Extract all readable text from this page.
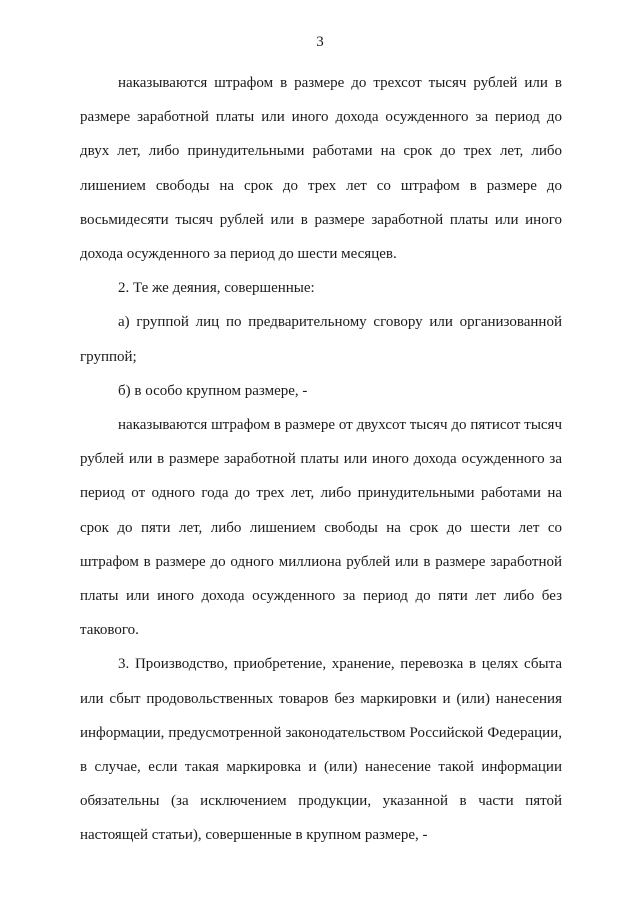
3

наказываются штрафом в размере до трехсот тысяч рублей или в размере заработной платы или иного дохода осужденного за период до двух лет, либо принудительными работами на срок до трех лет, либо лишением свободы на срок до трех лет со штрафом в размере до восьмидесяти тысяч рублей или в размере заработной платы или иного дохода осужденного за период до шести месяцев.

2. Те же деяния, совершенные:

а) группой лиц по предварительному сговору или организованной группой;

б) в особо крупном размере, -

наказываются штрафом в размере от двухсот тысяч до пятисот тысяч рублей или в размере заработной платы или иного дохода осужденного за период от одного года до трех лет, либо принудительными работами на срок до пяти лет, либо лишением свободы на срок до шести лет со штрафом в размере до одного миллиона рублей или в размере заработной платы или иного дохода осужденного за период до пяти лет либо без такового.

3. Производство, приобретение, хранение, перевозка в целях сбыта или сбыт продовольственных товаров без маркировки и (или) нанесения информации, предусмотренной законодательством Российской Федерации, в случае, если такая маркировка и (или) нанесение такой информации обязательны (за исключением продукции, указанной в части пятой настоящей статьи), совершенные в крупном размере, -
